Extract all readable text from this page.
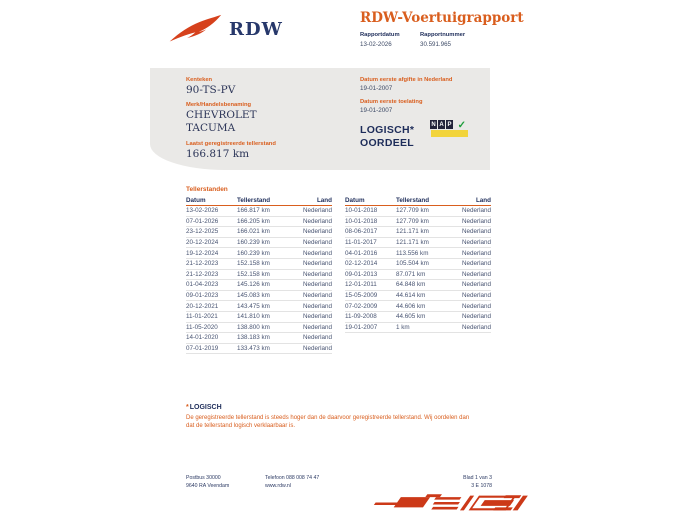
RDW
RDW-Voertuigrapport
Rapportdatum
13-02-2026
Rapportnummer
30.591.965
Kenteken
90-TS-PV
Merk/Handelsbenaming
CHEVROLET
TACUMA
Laatst geregistreerde tellerstand
166.817 km
Datum eerste afgifte in Nederland
19-01-2007
Datum eerste toelating
19-01-2007
LOGISCH*
OORDEEL
N A P ✓
Tellerstanden
Datum	Tellerstand	Land
13-02-2026	166.817 km	Nederland
07-01-2026	166.205 km	Nederland
23-12-2025	166.021 km	Nederland
20-12-2024	160.239 km	Nederland
19-12-2024	160.239 km	Nederland
21-12-2023	152.158 km	Nederland
21-12-2023	152.158 km	Nederland
01-04-2023	145.126 km	Nederland
09-01-2023	145.083 km	Nederland
20-12-2021	143.475 km	Nederland
11-01-2021	141.810 km	Nederland
11-05-2020	138.800 km	Nederland
14-01-2020	138.183 km	Nederland
07-01-2019	133.473 km	Nederland
Datum	Tellerstand	Land
10-01-2018	127.709 km	Nederland
10-01-2018	127.709 km	Nederland
08-06-2017	121.171 km	Nederland
11-01-2017	121.171 km	Nederland
04-01-2016	113.556 km	Nederland
02-12-2014	105.504 km	Nederland
09-01-2013	87.071 km	Nederland
12-01-2011	64.848 km	Nederland
15-05-2009	44.614 km	Nederland
07-02-2009	44.606 km	Nederland
11-09-2008	44.605 km	Nederland
19-01-2007	1 km	Nederland
*LOGISCH
De geregistreerde tellerstand is steeds hoger dan de daarvoor geregistreerde tellerstand. Wij oordelen dan dat de tellerstand logisch verklaarbaar is.
Postbus 30000
9640 RA Veendam
Telefoon 088 008 74 47
www.rdw.nl
Blad 1 van 3
3 E 1078
